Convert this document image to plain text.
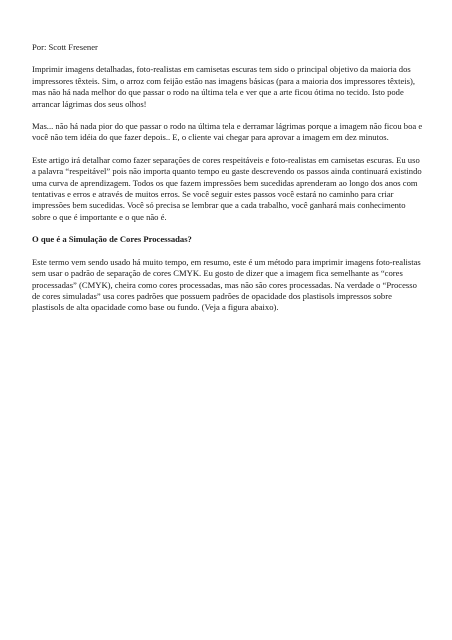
Por: Scott Fresener

Imprimir imagens detalhadas, foto-realistas em camisetas escuras tem sido o principal objetivo da maioria dos impressores têxteis. Sim, o arroz com feijão estão nas imagens básicas (para a maioria dos impressores têxteis), mas não há nada melhor do que passar o rodo na última tela e ver que a arte ficou ótima no tecido. Isto pode arrancar lágrimas dos seus olhos!

Mas... não há nada pior do que passar o rodo na última tela e derramar lágrimas porque a imagem não ficou boa e você não tem idéia do que fazer depois.. E, o cliente vai chegar para aprovar a imagem em dez minutos.

Este artigo irá detalhar como fazer separações de cores respeitáveis e foto-realistas em camisetas escuras. Eu uso a palavra “respeitável” pois não importa quanto tempo eu gaste descrevendo os passos ainda continuará existindo uma curva de aprendizagem. Todos os que fazem impressões bem sucedidas aprenderam ao longo dos anos com tentativas e erros e através de muitos erros. Se você seguir estes passos você estará no caminho para criar impressões bem sucedidas. Você só precisa se lembrar que a cada trabalho, você ganhará mais conhecimento sobre o que é importante e o que não é.

O que é a Simulação de Cores Processadas?

Este termo vem sendo usado há muito tempo, em resumo, este é um método para imprimir imagens foto-realistas sem usar o padrão de separação de cores CMYK. Eu gosto de dizer que a imagem fica semelhante as “cores processadas” (CMYK), cheira como cores processadas, mas não são cores processadas. Na verdade o “Processo de cores simuladas” usa cores padrões que possuem padrões de opacidade dos plastisols impressos sobre plastisols de alta opacidade como base ou fundo. (Veja a figura abaixo).
